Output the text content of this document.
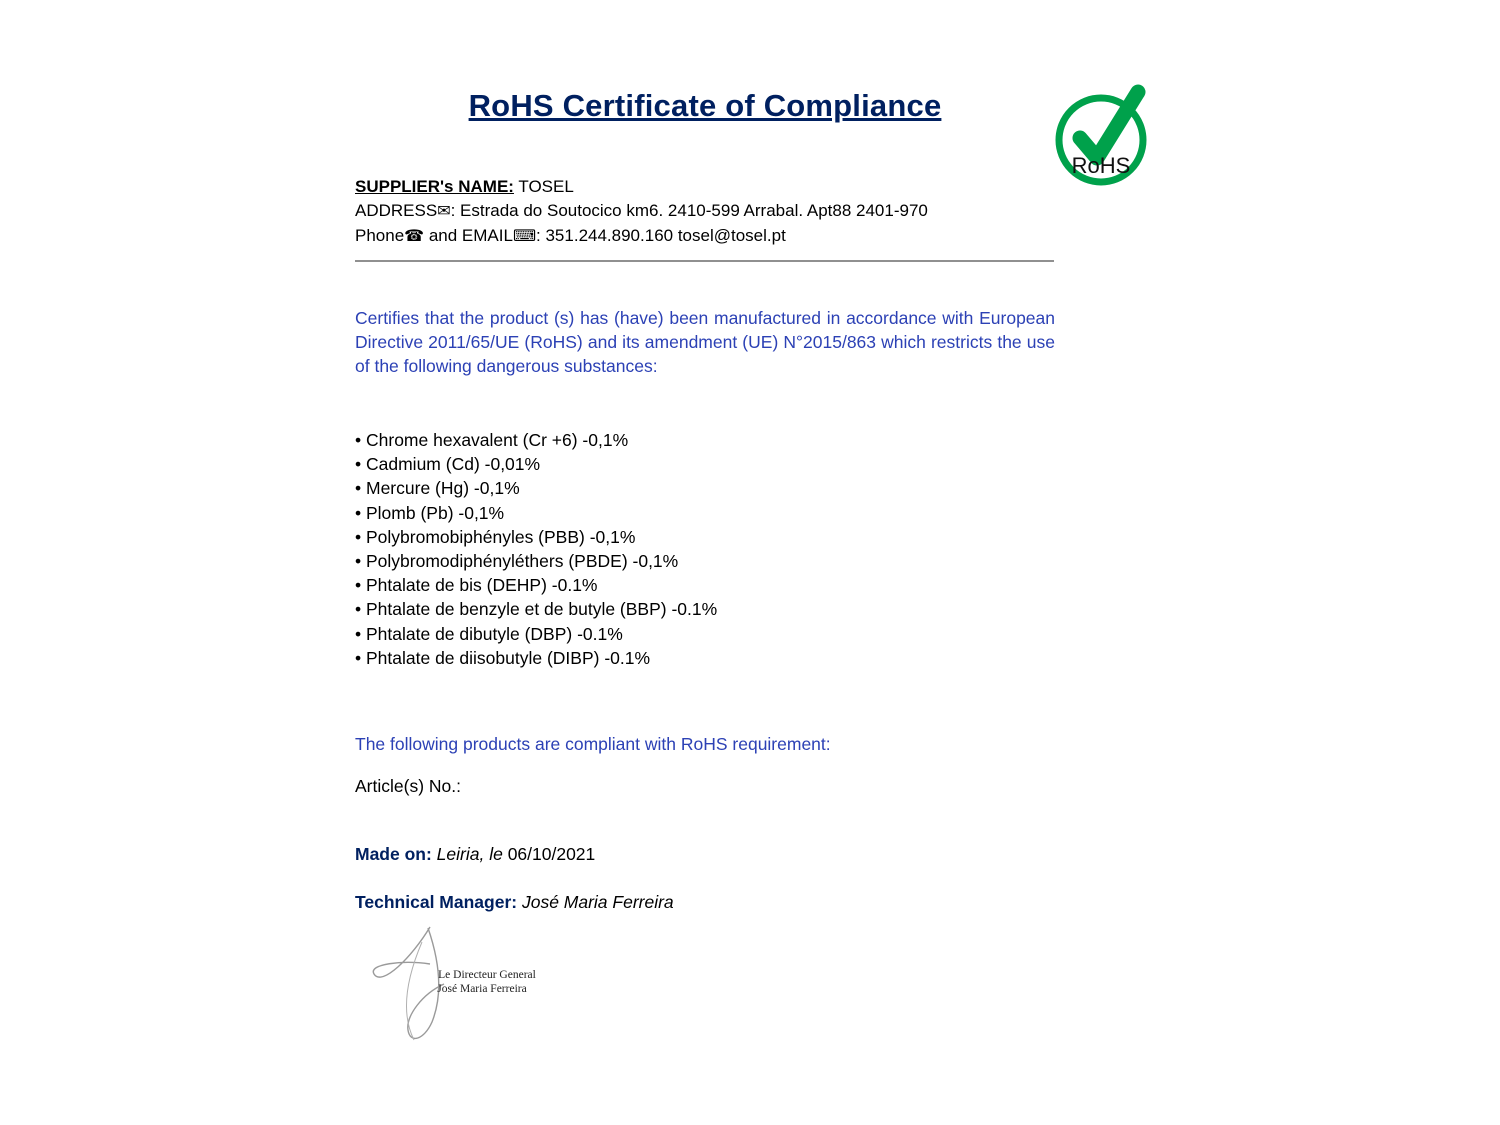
RoHS Certificate of Compliance
RoHS
SUPPLIER's NAME: TOSEL
ADDRESS✉: Estrada do Soutocico km6. 2410-599 Arrabal. Apt88 2401-970
Phone☎ and EMAIL⌨: 351.244.890.160 tosel@tosel.pt
Certifies that the product (s) has (have) been manufactured in accordance with European Directive 2011/65/UE (RoHS) and its amendment (UE) N°2015/863 which restricts the use of the following dangerous substances:
• Chrome hexavalent (Cr +6) -0,1%
• Cadmium (Cd) -0,01%
• Mercure (Hg) -0,1%
• Plomb (Pb) -0,1%
• Polybromobiphényles (PBB) -0,1%
• Polybromodiphényléthers (PBDE) -0,1%
• Phtalate de bis (DEHP) -0.1%
• Phtalate de benzyle et de butyle (BBP) -0.1%
• Phtalate de dibutyle (DBP) -0.1%
• Phtalate de diisobutyle (DIBP) -0.1%
The following products are compliant with RoHS requirement:
Article(s) No.:
Made on: Leiria, le 06/10/2021
Technical Manager: José Maria Ferreira
Le Directeur General
José Maria Ferreira
